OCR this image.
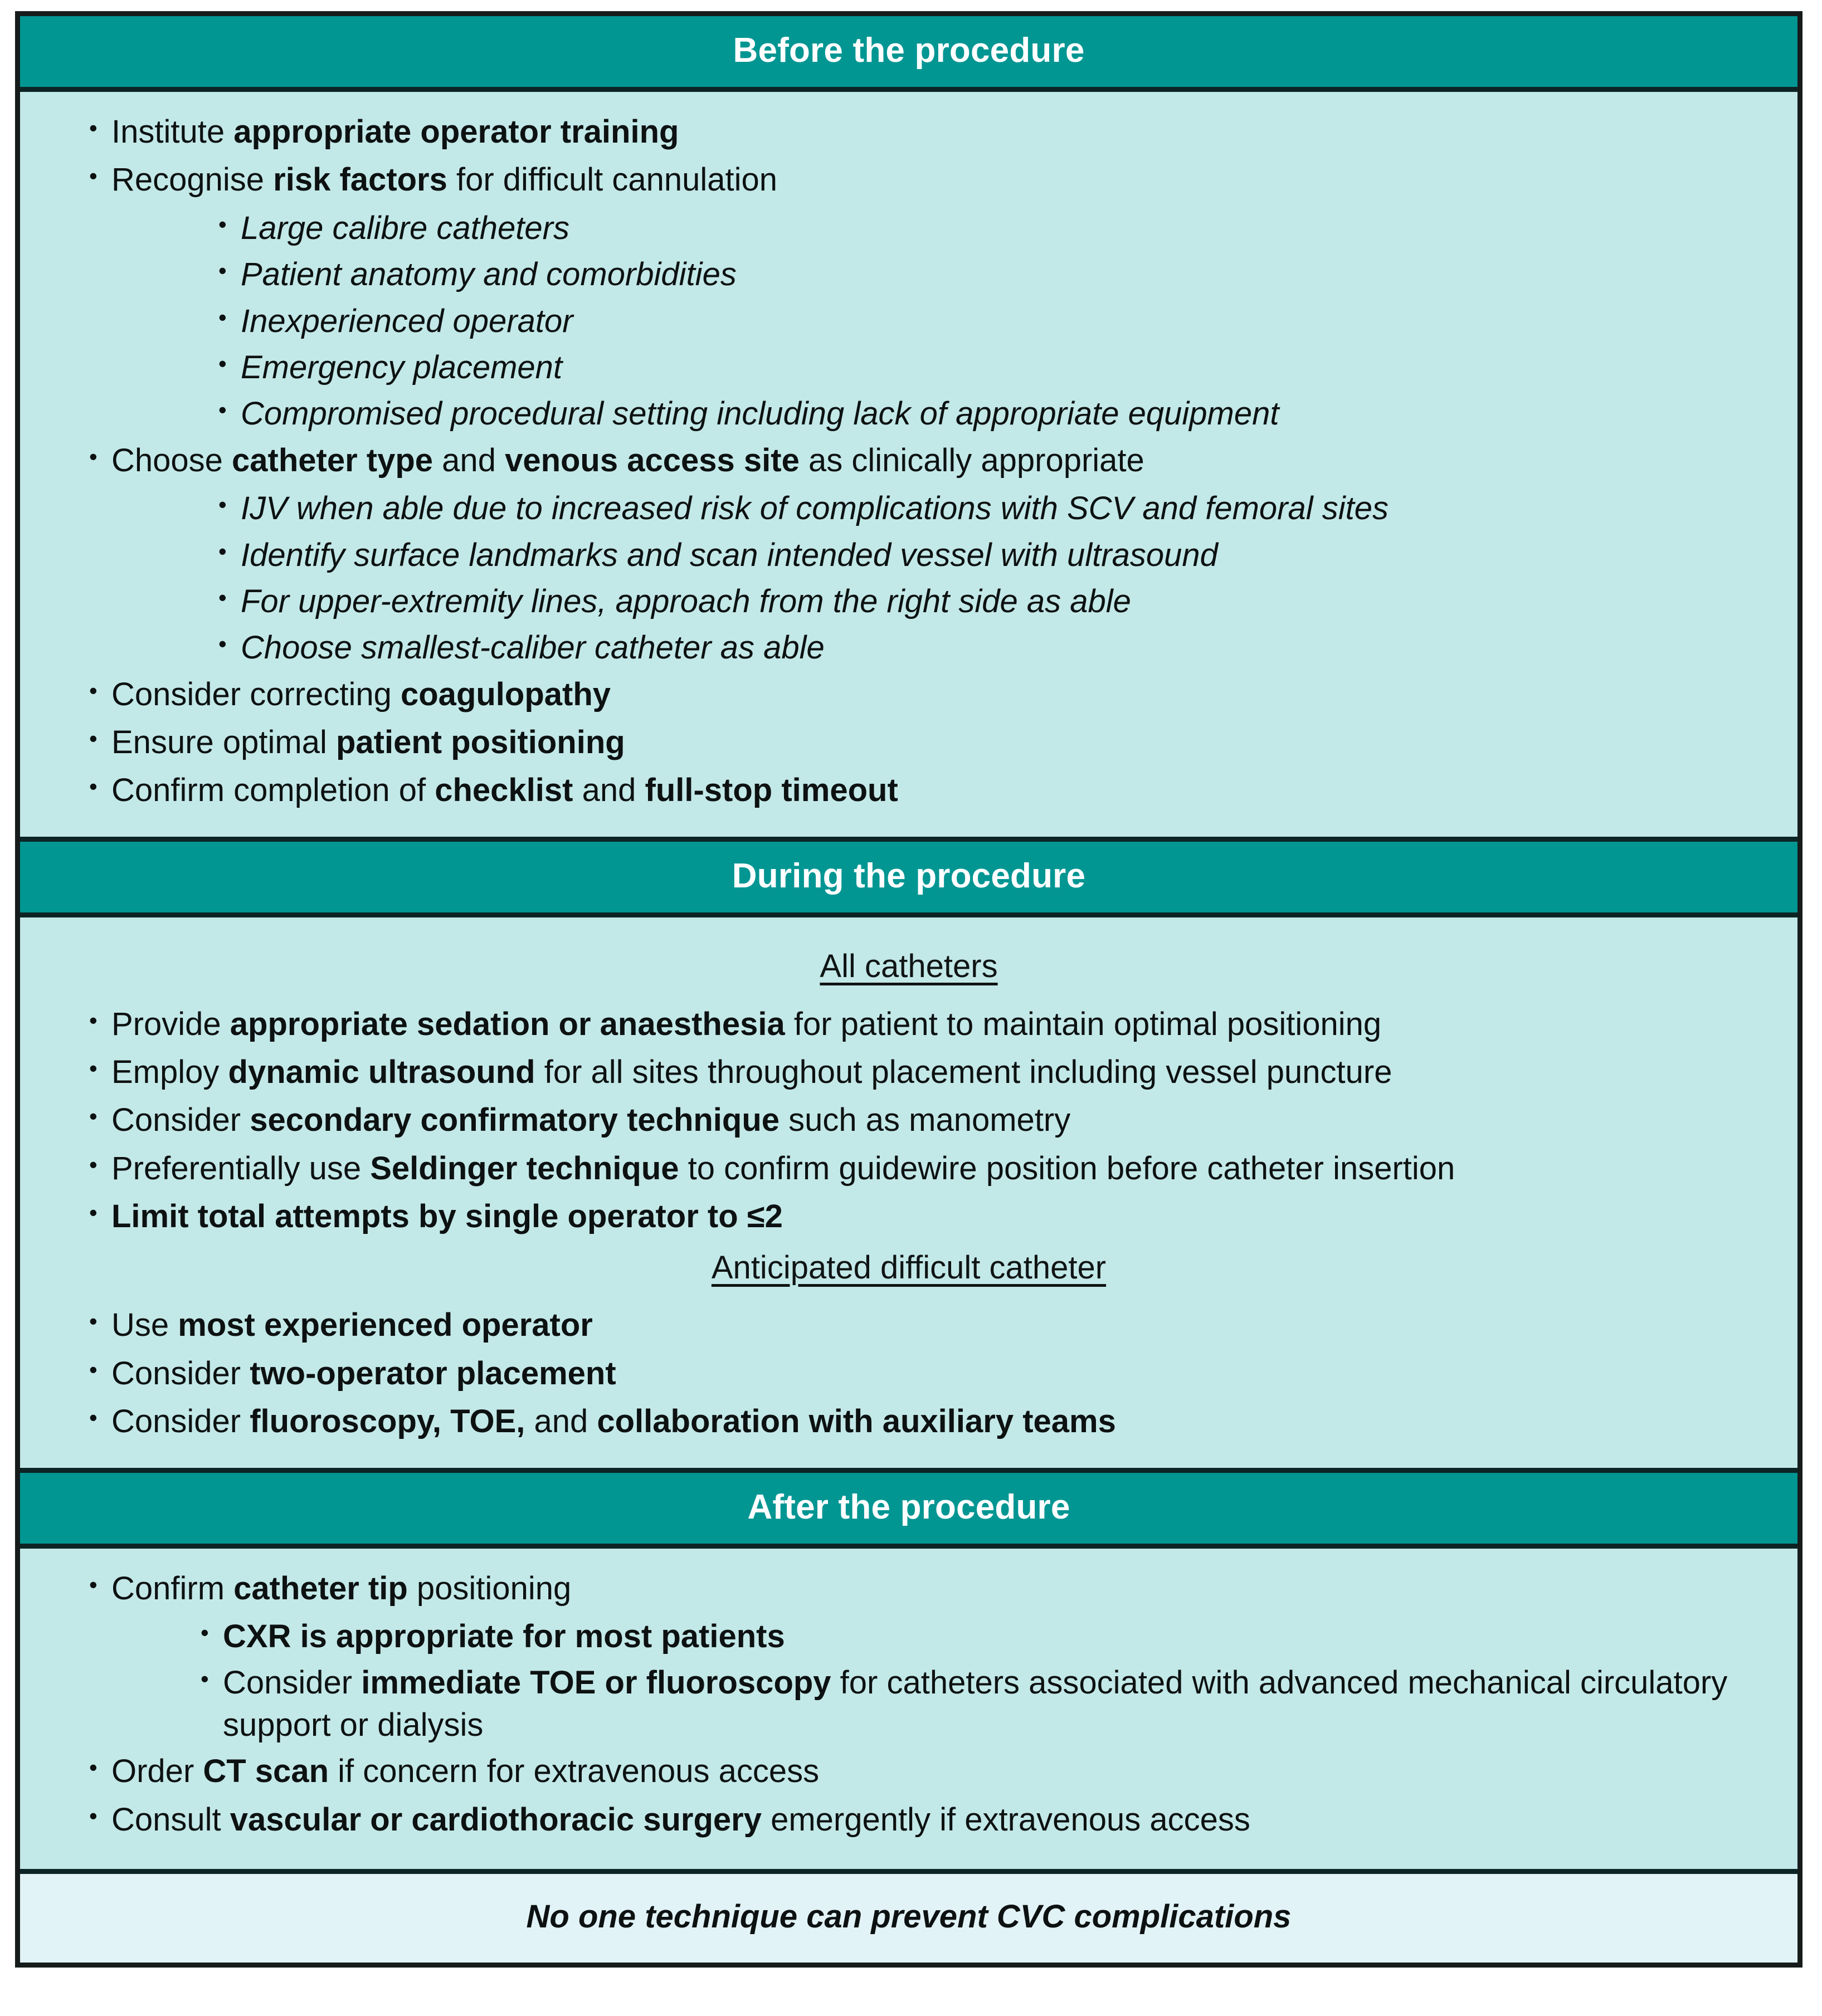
Before the procedure
• Institute appropriate operator training
• Recognise risk factors for difficult cannulation
• Large calibre catheters
• Patient anatomy and comorbidities
• Inexperienced operator
• Emergency placement
• Compromised procedural setting including lack of appropriate equipment
• Choose catheter type and venous access site as clinically appropriate
• IJV when able due to increased risk of complications with SCV and femoral sites
• Identify surface landmarks and scan intended vessel with ultrasound
• For upper-extremity lines, approach from the right side as able
• Choose smallest-caliber catheter as able
• Consider correcting coagulopathy
• Ensure optimal patient positioning
• Confirm completion of checklist and full-stop timeout
During the procedure
All catheters
• Provide appropriate sedation or anaesthesia for patient to maintain optimal positioning
• Employ dynamic ultrasound for all sites throughout placement including vessel puncture
• Consider secondary confirmatory technique such as manometry
• Preferentially use Seldinger technique to confirm guidewire position before catheter insertion
• Limit total attempts by single operator to ≤2
Anticipated difficult catheter
• Use most experienced operator
• Consider two-operator placement
• Consider fluoroscopy, TOE, and collaboration with auxiliary teams
After the procedure
• Confirm catheter tip positioning
• CXR is appropriate for most patients
• Consider immediate TOE or fluoroscopy for catheters associated with advanced mechanical circulatory support or dialysis
• Order CT scan if concern for extravenous access
• Consult vascular or cardiothoracic surgery emergently if extravenous access
No one technique can prevent CVC complications
